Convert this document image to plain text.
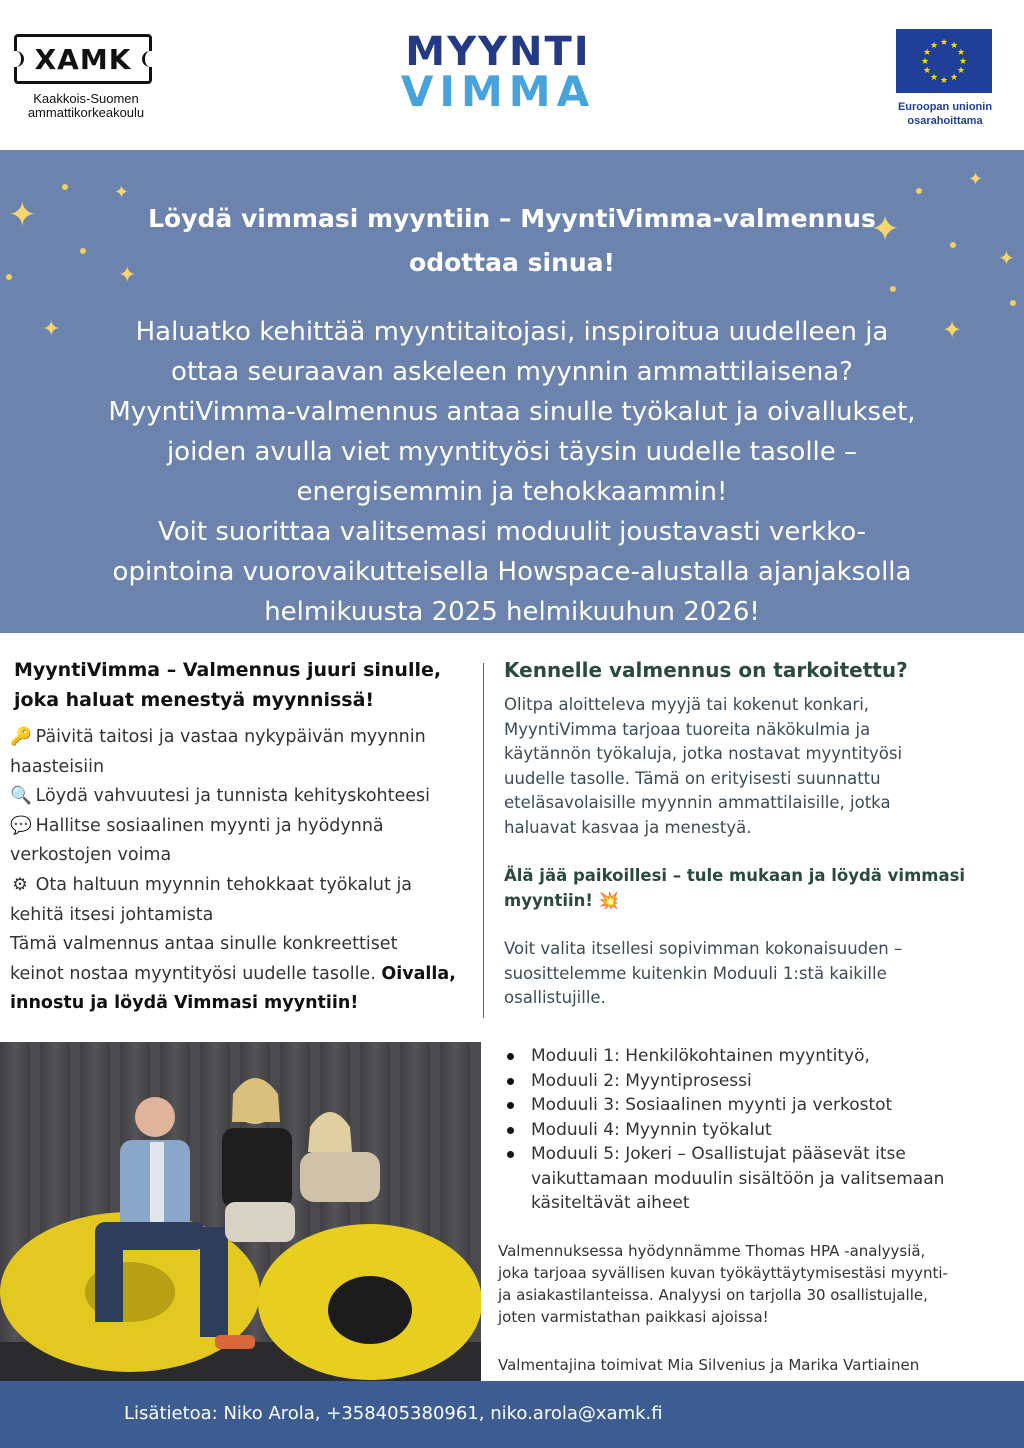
XAMK
Kaakkois-Suomen
ammattikorkeakoulu
MYYNTI
VIMMA
★ ★
★
★
★
★
★
★
★
★
★
★
Euroopan unionin
osarahoittama
✦
✦
✦
✦
✦
✦
✦
✦
Löydä vimmasi myyntiin – MyyntiVimma-valmennus
odottaa sinua!
Haluatko kehittää myyntitaitojasi, inspiroitua uudelleen ja
ottaa seuraavan askeleen myynnin ammattilaisena?
MyyntiVimma-valmennus antaa sinulle työkalut ja oivallukset,
joiden avulla viet myyntityösi täysin uudelle tasolle –
energisemmin ja tehokkaammin!
Voit suorittaa valitsemasi moduulit joustavasti verkko-
opintoina vuorovaikutteisella Howspace-alustalla ajanjaksolla
helmikuusta 2025 helmikuuhun 2026!
MyyntiVimma – Valmennus juuri sinulle,
joka haluat menestyä myynnissä!
🔑 Päivitä taitosi ja vastaa nykypäivän myynnin
haasteisiin
🔍 Löydä vahvuutesi ja tunnista kehityskohteesi
💬 Hallitse sosiaalinen myynti ja hyödynnä
verkostojen voima
⚙ Ota haltuun myynnin tehokkaat työkalut ja
kehitä itsesi johtamista
Tämä valmennus antaa sinulle konkreettiset
keinot nostaa myyntityösi uudelle tasolle. Oivalla,
innostu ja löydä Vimmasi myyntiin!
Kennelle valmennus on tarkoitettu?
Olitpa aloitteleva myyjä tai kokenut konkari,
MyyntiVimma tarjoaa tuoreita näkökulmia ja
käytännön työkaluja, jotka nostavat myyntityösi
uudelle tasolle. Tämä on erityisesti suunnattu
eteläsavolaisille myynnin ammattilaisille, jotka
haluavat kasvaa ja menestyä.
Älä jää paikoillesi – tule mukaan ja löydä vimmasi
myyntiin! 💥
Voit valita itsellesi sopivimman kokonaisuuden –
suosittelemme kuitenkin Moduuli 1:stä kaikille
osallistujille.
Moduuli 1: Henkilökohtainen myyntityö,
Moduuli 2: Myyntiprosessi
Moduuli 3: Sosiaalinen myynti ja verkostot
Moduuli 4: Myynnin työkalut
Moduuli 5: Jokeri – Osallistujat pääsevät itse vaikuttamaan moduulin sisältöön ja valitsemaan käsiteltävät aiheet
Valmennuksessa hyödynnämme Thomas HPA -analyysiä,
joka tarjoaa syvällisen kuvan työkäyttäytymisestäsi myynti-
ja asiakastilanteissa. Analyysi on tarjolla 30 osallistujalle,
joten varmistathan paikkasi ajoissa!
Valmentajina toimivat Mia Silvenius ja Marika Vartiainen
Lisätietoa: Niko Arola, +358405380961, niko.arola@xamk.fi
